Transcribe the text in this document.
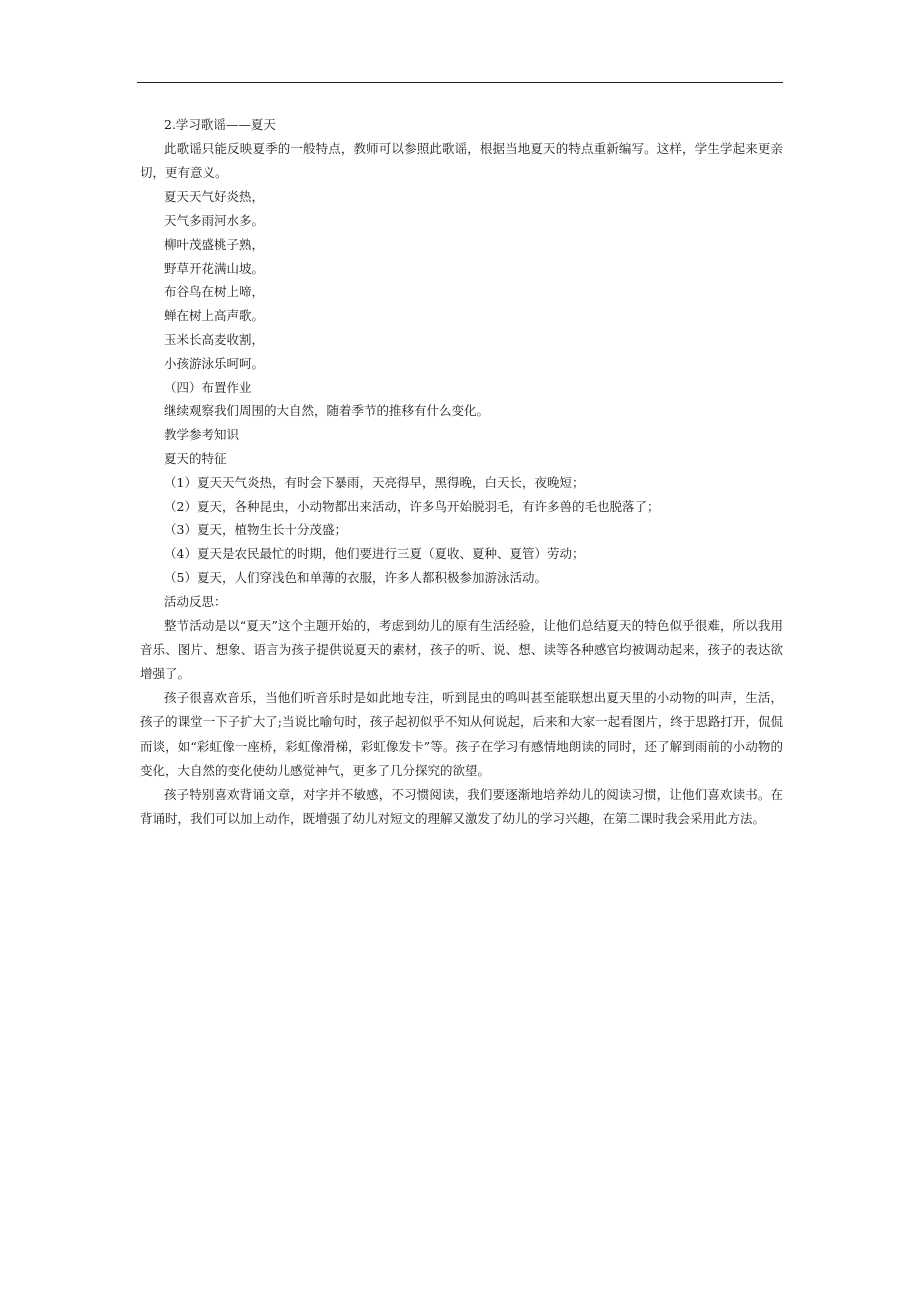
2.学习歌谣——夏天
此歌谣只能反映夏季的一般特点，教师可以参照此歌谣，根据当地夏天的特点重新编写。这样，学生学起来更亲切，更有意义。
夏天天气好炎热，
天气多雨河水多。
柳叶茂盛桃子熟，
野草开花满山坡。
布谷鸟在树上啼，
蝉在树上高声歌。
玉米长高麦收割，
小孩游泳乐呵呵。
（四）布置作业
继续观察我们周围的大自然，随着季节的推移有什么变化。
教学参考知识
夏天的特征
（1）夏天天气炎热，有时会下暴雨，天亮得早，黑得晚，白天长，夜晚短；
（2）夏天，各种昆虫，小动物都出来活动，许多鸟开始脱羽毛，有许多兽的毛也脱落了；
（3）夏天，植物生长十分茂盛；
（4）夏天是农民最忙的时期，他们要进行三夏（夏收、夏种、夏管）劳动；
（5）夏天，人们穿浅色和单薄的衣服，许多人都积极参加游泳活动。
活动反思：
整节活动是以“夏天”这个主题开始的，考虑到幼儿的原有生活经验，让他们总结夏天的特色似乎很难，所以我用音乐、图片、想象、语言为孩子提供说夏天的素材，孩子的听、说、想、读等各种感官均被调动起来，孩子的表达欲增强了。
孩子很喜欢音乐，当他们听音乐时是如此地专注，听到昆虫的鸣叫甚至能联想出夏天里的小动物的叫声，生活，孩子的课堂一下子扩大了;当说比喻句时，孩子起初似乎不知从何说起，后来和大家一起看图片，终于思路打开，侃侃而谈，如“彩虹像一座桥，彩虹像滑梯，彩虹像发卡”等。孩子在学习有感情地朗读的同时，还了解到雨前的小动物的变化，大自然的变化使幼儿感觉神气，更多了几分探究的欲望。
孩子特别喜欢背诵文章，对字并不敏感，不习惯阅读，我们要逐渐地培养幼儿的阅读习惯，让他们喜欢读书。在背诵时，我们可以加上动作，既增强了幼儿对短文的理解又激发了幼儿的学习兴趣，在第二课时我会采用此方法。
